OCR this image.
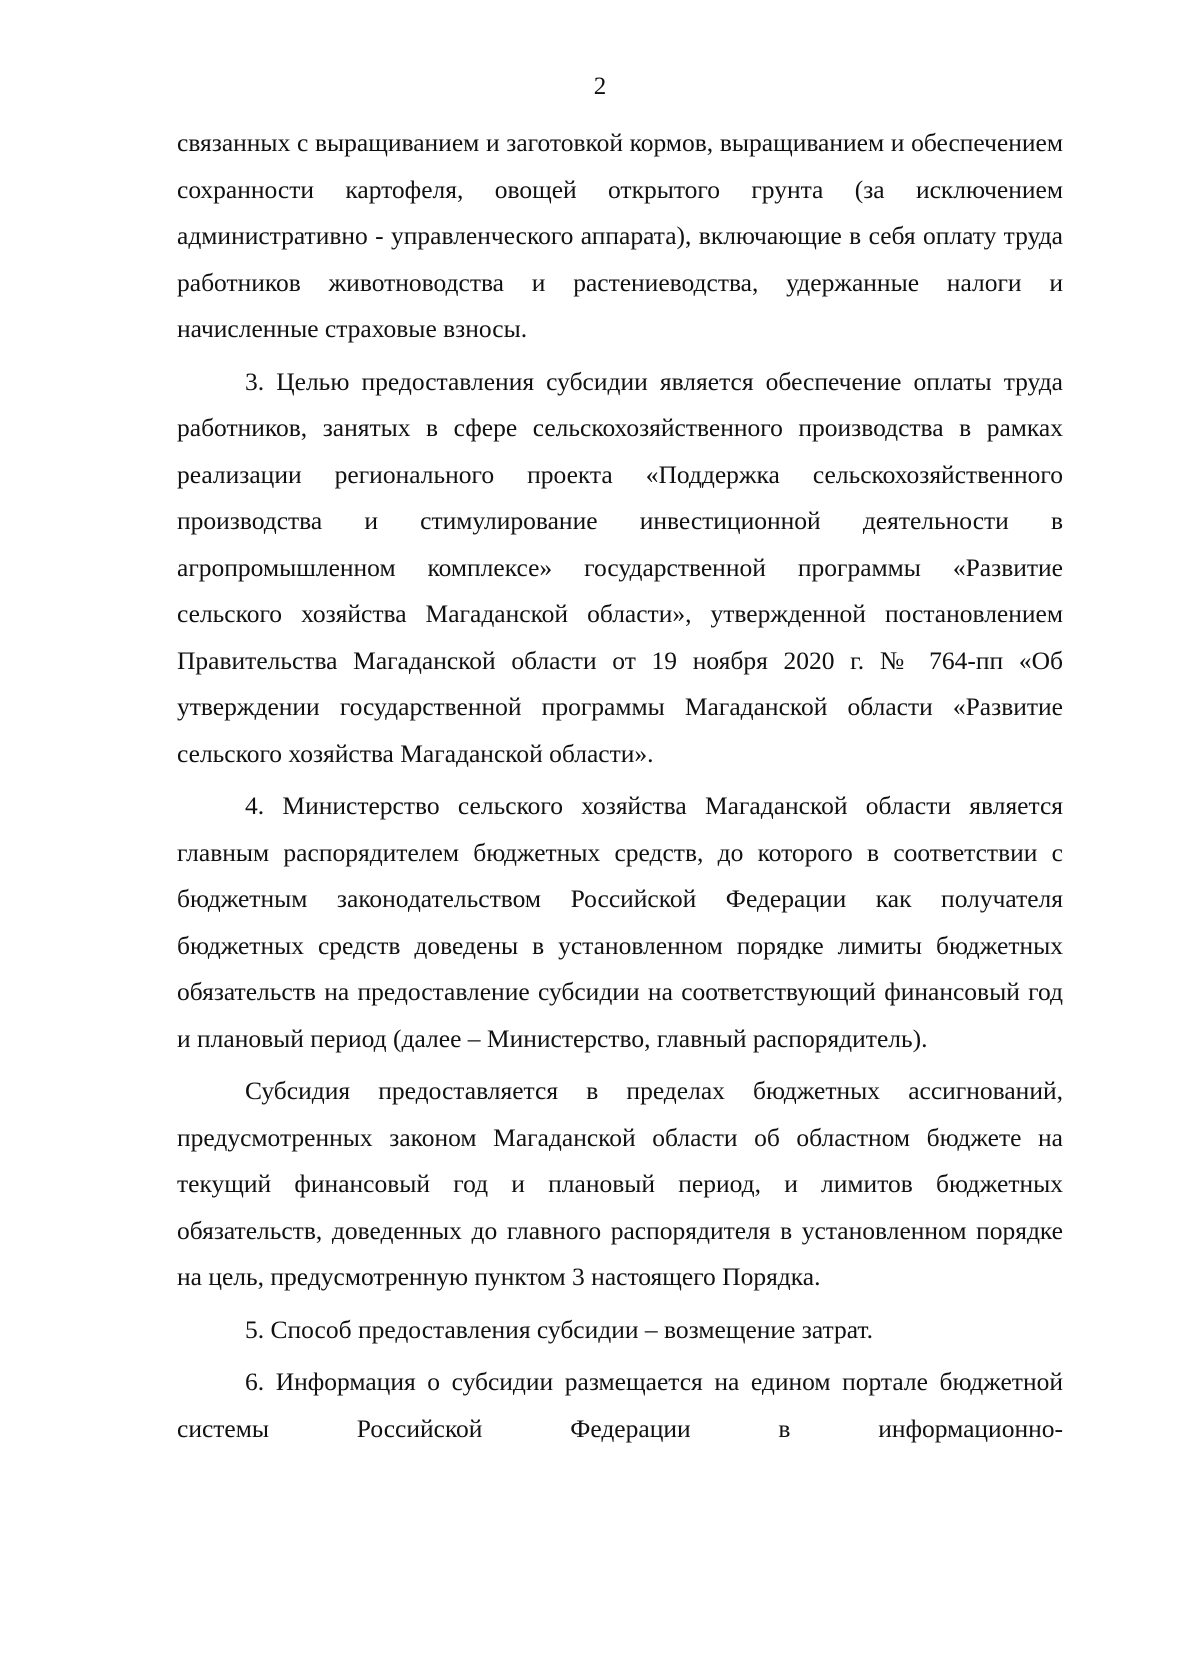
2

связанных с выращиванием и заготовкой кормов, выращиванием и обеспечением сохранности картофеля, овощей открытого грунта (за исключением административно - управленческого аппарата), включающие в себя оплату труда работников животноводства и растениеводства, удержанные налоги и начисленные страховые взносы.

3. Целью предоставления субсидии является обеспечение оплаты труда работников, занятых в сфере сельскохозяйственного производства в рамках реализации регионального проекта «Поддержка сельскохозяйственного производства и стимулирование инвестиционной деятельности в агропромышленном комплексе» государственной программы «Развитие сельского хозяйства Магаданской области», утвержденной постановлением Правительства Магаданской области от 19 ноября 2020 г. № 764-пп «Об утверждении государственной программы Магаданской области «Развитие сельского хозяйства Магаданской области».

4. Министерство сельского хозяйства Магаданской области является главным распорядителем бюджетных средств, до которого в соответствии с бюджетным законодательством Российской Федерации как получателя бюджетных средств доведены в установленном порядке лимиты бюджетных обязательств на предоставление субсидии на соответствующий финансовый год и плановый период (далее – Министерство, главный распорядитель).

Субсидия предоставляется в пределах бюджетных ассигнований, предусмотренных законом Магаданской области об областном бюджете на текущий финансовый год и плановый период, и лимитов бюджетных обязательств, доведенных до главного распорядителя в установленном порядке на цель, предусмотренную пунктом 3 настоящего Порядка.

5. Способ предоставления субсидии – возмещение затрат.

6. Информация о субсидии размещается на едином портале бюджетной системы Российской Федерации в информационно-
